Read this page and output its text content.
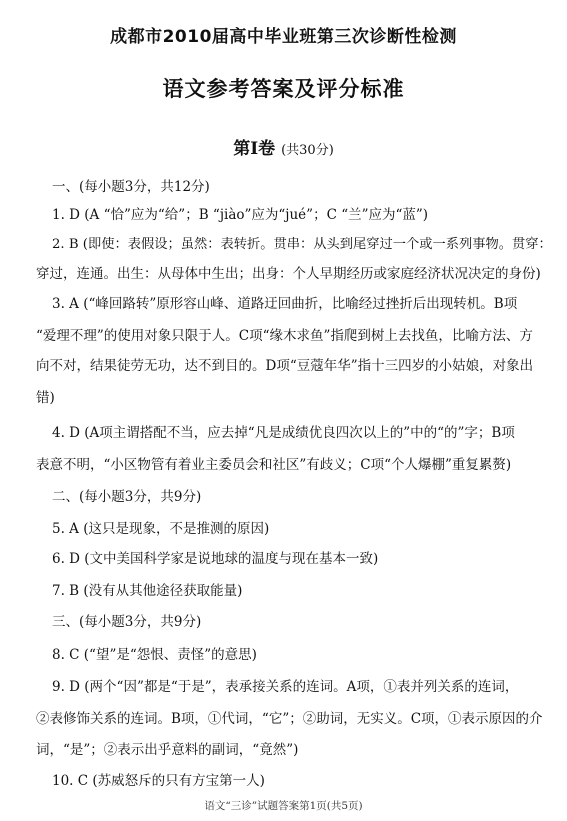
成都市2010届高中毕业班第三次诊断性检测
语文参考答案及评分标准
第Ⅰ卷 (共30分)
一、(每小题3分，共12分)
1. D (A “恰”应为“给”；B “jiào”应为“jué”；C “兰”应为“蓝”)
2. B (即使：表假设；虽然：表转折。贯串：从头到尾穿过一个或一系列事物。贯穿：
穿过，连通。出生：从母体中生出；出身：个人早期经历或家庭经济状况决定的身份)
3. A (“峰回路转”原形容山峰、道路迂回曲折，比喻经过挫折后出现转机。B项
“爱理不理”的使用对象只限于人。C项“缘木求鱼”指爬到树上去找鱼，比喻方法、方
向不对，结果徒劳无功，达不到目的。D项“豆蔻年华”指十三四岁的小姑娘，对象出
错)
4. D (A项主谓搭配不当，应去掉“凡是成绩优良四次以上的”中的“的”字；B项
表意不明，“小区物管有着业主委员会和社区”有歧义；C项“个人爆棚”重复累赘)
二、(每小题3分，共9分)
5. A (这只是现象，不是推测的原因)
6. D (文中美国科学家是说地球的温度与现在基本一致)
7. B (没有从其他途径获取能量)
三、(每小题3分，共9分)
8. C (“望”是“怨恨、责怪”的意思)
9. D (两个“因”都是“于是”，表承接关系的连词。A项，①表并列关系的连词，
②表修饰关系的连词。B项，①代词，“它”；②助词，无实义。C项，①表示原因的介
词，“是”；②表示出乎意料的副词，“竟然”)
10. C (苏威怒斥的只有方宝第一人)
语文“三诊”试题答案第1页(共5页)
